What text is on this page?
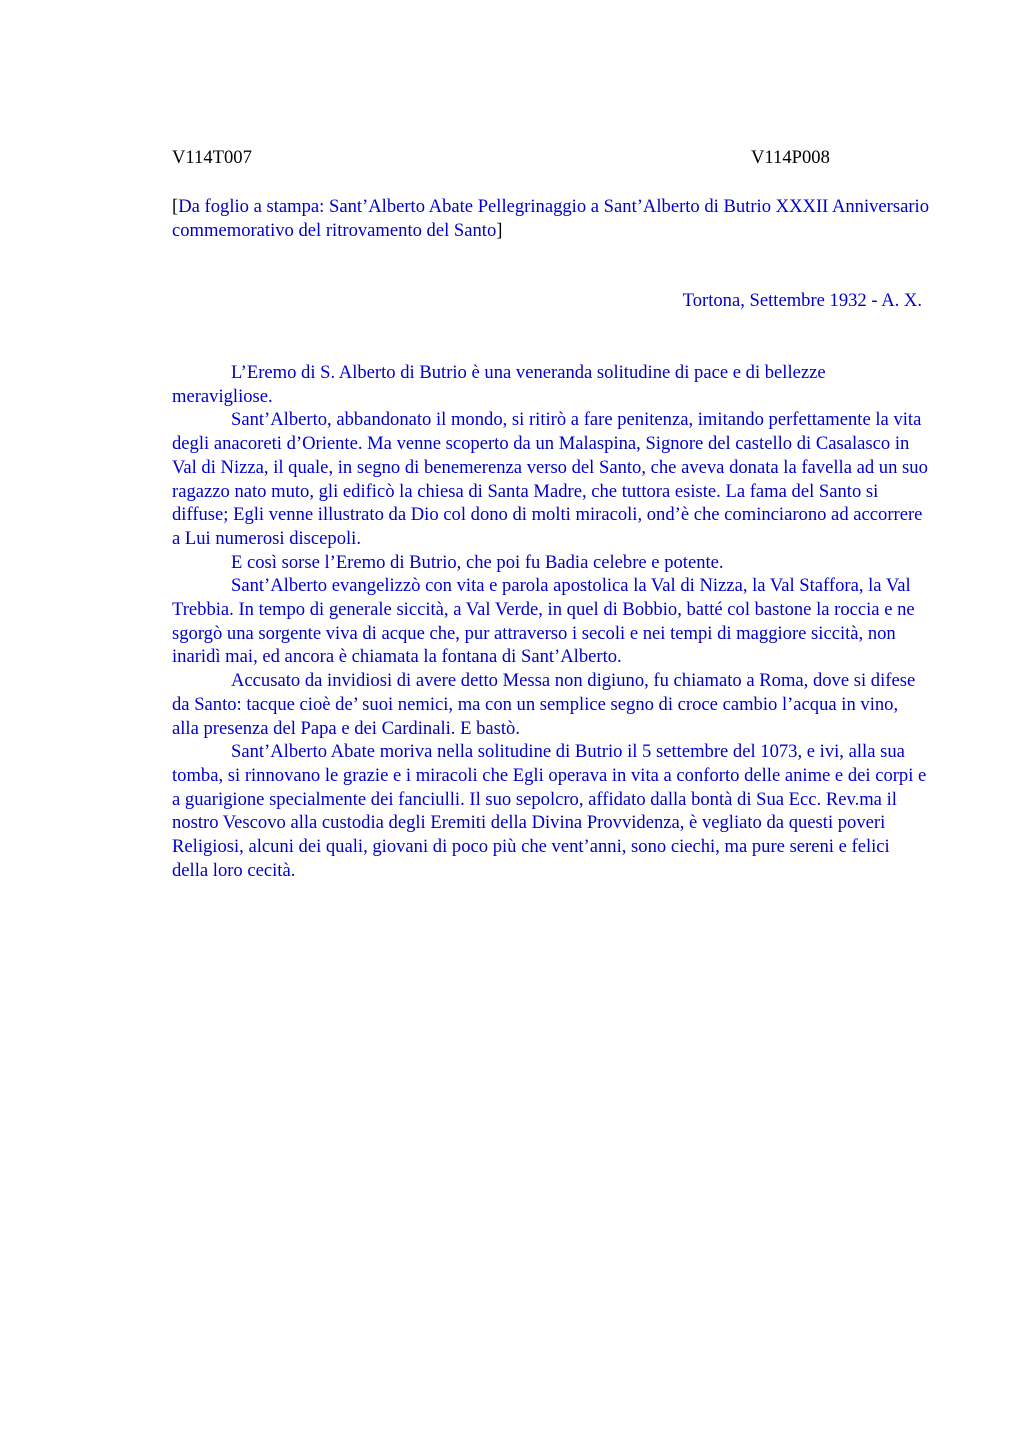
V114T007	V114P008
[Da foglio a stampa: Sant’Alberto Abate Pellegrinaggio a Sant’Alberto di Butrio XXXII Anniversario commemorativo del ritrovamento del Santo]
Tortona, Settembre 1932 - A. X.

L’Eremo di S. Alberto di Butrio è una veneranda solitudine di pace e di bellezze meravigliose.

Sant’Alberto, abbandonato il mondo, si ritirò a fare penitenza, imitando perfettamente la vita degli anacoreti d’Oriente. Ma venne scoperto da un Malaspina, Signore del castello di Casalasco in Val di Nizza, il quale, in segno di benemerenza verso del Santo, che aveva donata la favella ad un suo ragazzo nato muto, gli edificò la chiesa di Santa Madre, che tuttora esiste. La fama del Santo si diffuse; Egli venne illustrato da Dio col dono di molti miracoli, ond’è che cominciarono ad accorrere a Lui numerosi discepoli.

E così sorse l’Eremo di Butrio, che poi fu Badia celebre e potente.

Sant’Alberto evangelizzò con vita e parola apostolica la Val di Nizza, la Val Staffora, la Val Trebbia. In tempo di generale siccità, a Val Verde, in quel di Bobbio, batté col bastone la roccia e ne sgorgò una sorgente viva di acque che, pur attraverso i secoli e nei tempi di maggiore siccità, non inaridì mai, ed ancora è chiamata la fontana di Sant’Alberto.

Accusato da invidiosi di avere detto Messa non digiuno, fu chiamato a Roma, dove si difese da Santo: tacque cioè de’ suoi nemici, ma con un semplice segno di croce cambio l’acqua in vino, alla presenza del Papa e dei Cardinali. E bastò.

Sant’Alberto Abate moriva nella solitudine di Butrio il 5 settembre del 1073, e ivi, alla sua tomba, si rinnovano le grazie e i miracoli che Egli operava in vita a conforto delle anime e dei corpi e a guarigione specialmente dei fanciulli. Il suo sepolcro, affidato dalla bontà di Sua Ecc. Rev.ma il nostro Vescovo alla custodia degli Eremiti della Divina Provvidenza, è vegliato da questi poveri Religiosi, alcuni dei quali, giovani di poco più che vent’anni, sono ciechi, ma pure sereni e felici della loro cecità.
